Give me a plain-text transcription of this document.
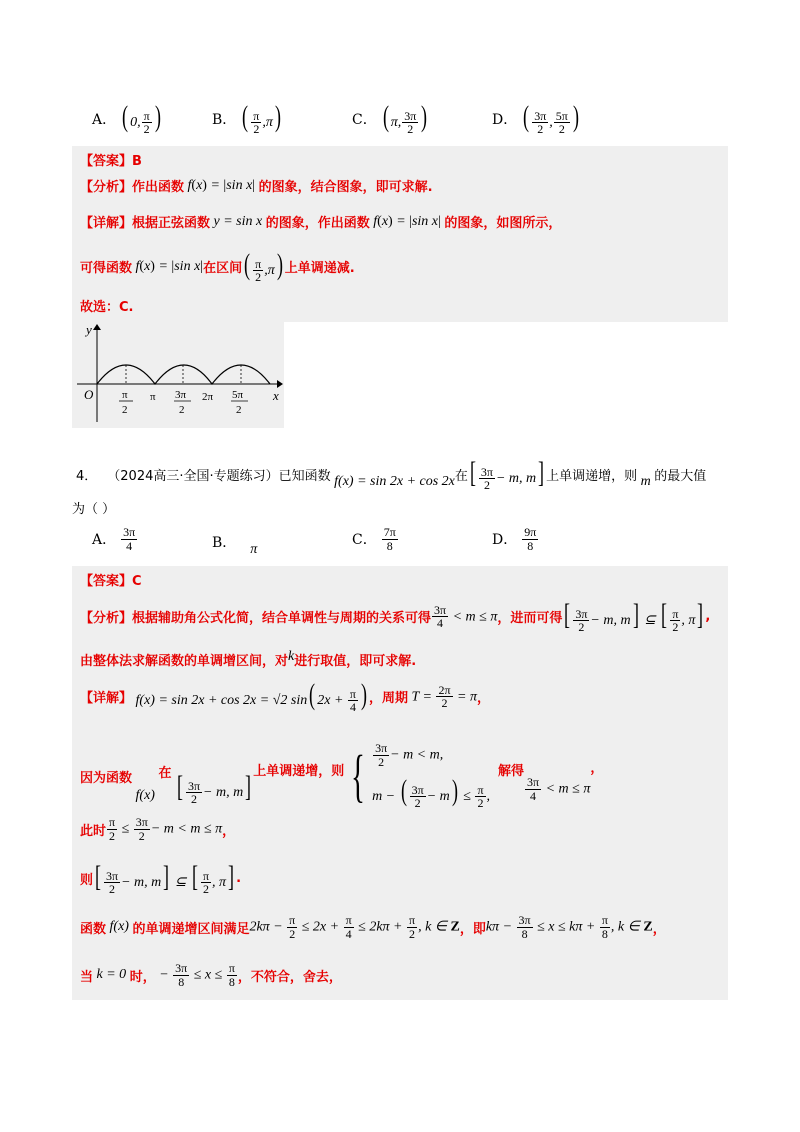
A． ( 0, $\frac{\pi}{2}$ )	B． ( $\frac{\pi}{2} ,\pi$)	C． ( π, $\frac{3\pi}{2}$ )	D． ( $\frac{3\pi}{2}$ , $\frac{5\pi}{2}$ )
【答案】B
【分析】作出函数 f(x) = |sin x| 的图象，结合图象，即可求解.
【详解】根据正弦函数 y = sin x 的图象，作出函数 f(x) = |sin x| 的图象，如图所示，
可得函数 f(x) = |sin x| 在区间 ( $\frac{\pi}{2} ,\pi$) 上单调递减.
故选：C.
y
x
O	π
2
π 3π
2
2π 5π
2
4． （2024高三·全国·专题练习）已知函数 f(x) = sin 2x + cos 2x 在 [ $\frac{3\pi}{2} - m$, m] 上单调递增，则 m 的最大值
为（ ）
A． $\frac{3\pi}{4}$	B． π
C． $\frac{7\pi}{8}$	D． $\frac{9\pi}{8}$
【答案】C
【分析】根据辅助角公式化简，结合单调性与周期的关系可得 $\frac{3\pi}{4} < m \le \pi$ ，进而可得 [ $\frac{3\pi}{2} - m$, m] ⊆ [ $\frac{\pi}{2}$ , π] ,
由整体法求解函数的单调增区间，对 k 进行取值，即可求解.
【详解】 f(x) = sin 2x + cos 2x = √2 sin( $2x + \frac{\pi}{4}$ ) ，周期 $T = \frac{2\pi}{2} = \pi$ ，
因为函数
f(x)
在 [ $\frac{3\pi}{2} - m$, m] 上单调递增，则 { $\frac{3\pi}{2} - m < m$,
m − ( $\frac{3\pi}{2} - m) \le \frac{\pi}{2}$ ,
解得
$\frac{3\pi}{4} < m \le \pi$
，
此时 $\frac{\pi}{2} \le \frac{3\pi}{2} - m < m \le \pi$ ，
则 [ $\frac{3\pi}{2} - m$, m] ⊆ [ $\frac{\pi}{2}$ , π] .
函数 f(x) 的单调递增区间满足 $2k\pi - \frac{\pi}{2} \le 2x + \frac{\pi}{4} \le 2k\pi + \frac{\pi}{2}$ , k ∈ Z ，即 $k\pi - \frac{3\pi}{8} \le x \le k\pi + \frac{\pi}{8}$ , k ∈ Z ，
当 k = 0 时， − $\frac{3\pi}{8} \le x \le \frac{\pi}{8}$ ，不符合，舍去，
